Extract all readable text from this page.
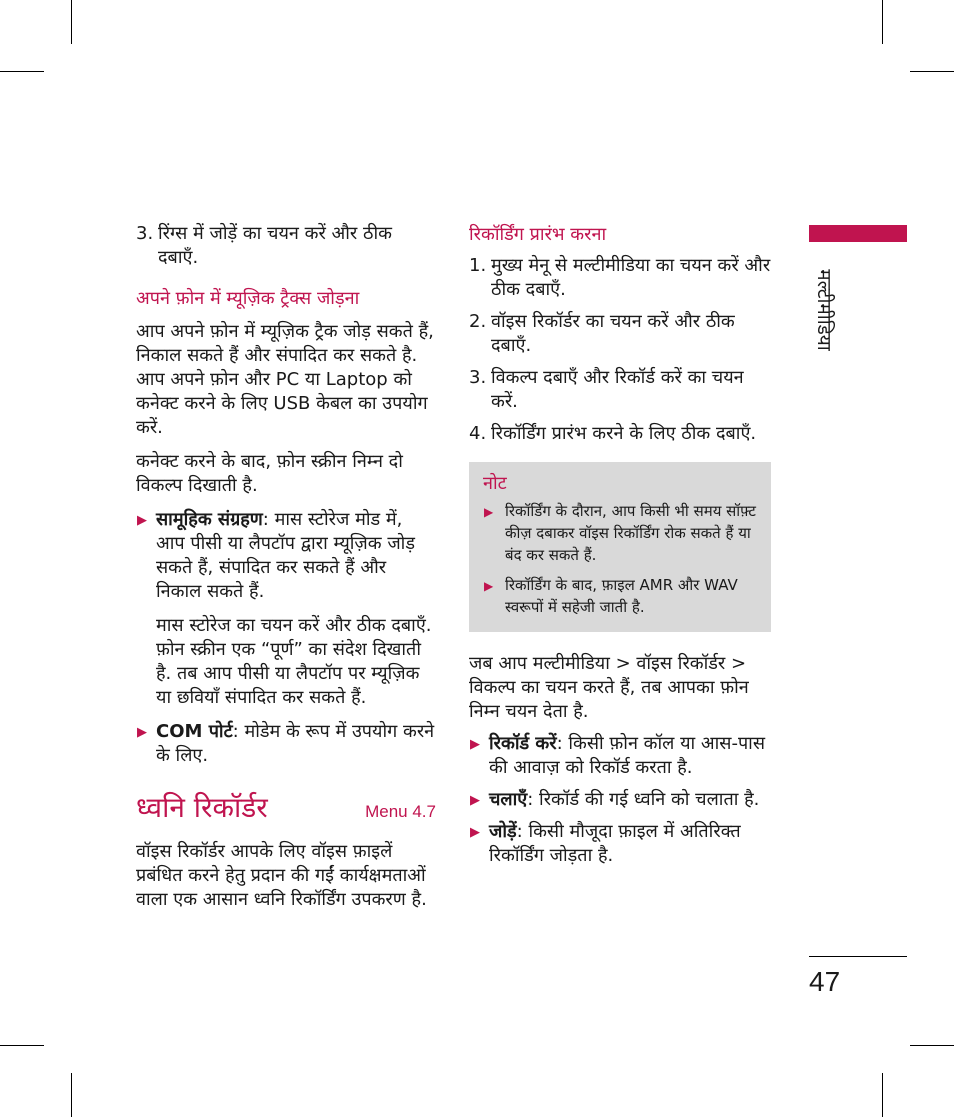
3. रिंग्स में जोड़ें का चयन करें और ठीक दबाएँ.

अपने फ़ोन में म्यूज़िक ट्रैक्स जोड़ना

आप अपने फ़ोन में म्यूज़िक ट्रैक जोड़ सकते हैं, निकाल सकते हैं और संपादित कर सकते है. आप अपने फ़ोन और PC या Laptop को कनेक्ट करने के लिए USB केबल का उपयोग करें.

कनेक्ट करने के बाद, फ़ोन स्क्रीन निम्न दो विकल्प दिखाती है.

▶ सामूहिक संग्रहण: मास स्टोरेज मोड में, आप पीसी या लैपटॉप द्वारा म्यूज़िक जोड़ सकते हैं, संपादित कर सकते हैं और निकाल सकते हैं.

मास स्टोरेज का चयन करें और ठीक दबाएँ. फ़ोन स्क्रीन एक “पूर्ण” का संदेश दिखाती है. तब आप पीसी या लैपटॉप पर म्यूज़िक या छवियाँ संपादित कर सकते हैं.

▶ COM पोर्ट: मोडेम के रूप में उपयोग करने के लिए.

ध्वनि रिकॉर्डर	Menu 4.7

वॉइस रिकॉर्डर आपके लिए वॉइस फ़ाइलें प्रबंधित करने हेतु प्रदान की गईं कार्यक्षमताओं वाला एक आसान ध्वनि रिकॉर्डिंग उपकरण है.

रिकॉर्डिंग प्रारंभ करना

1. मुख्य मेनू से मल्टीमीडिया का चयन करें और ठीक दबाएँ.

2. वॉइस रिकॉर्डर का चयन करें और ठीक दबाएँ.

3. विकल्प दबाएँ और रिकॉर्ड करें का चयन करें.

4. रिकॉर्डिंग प्रारंभ करने के लिए ठीक दबाएँ.

नोट
▶ रिकॉर्डिंग के दौरान, आप किसी भी समय सॉफ़्ट कीज़ दबाकर वॉइस रिकॉर्डिंग रोक सकते हैं या बंद कर सकते हैं.

▶ रिकॉर्डिंग के बाद, फ़ाइल AMR और WAV स्वरूपों में सहेजी जाती है.

जब आप मल्टीमीडिया > वॉइस रिकॉर्डर > विकल्प का चयन करते हैं, तब आपका फ़ोन निम्न चयन देता है.

▶ रिकॉर्ड करें: किसी फ़ोन कॉल या आस-पास की आवाज़ को रिकॉर्ड करता है.

▶ चलाएँ: रिकॉर्ड की गई ध्वनि को चलाता है.

▶ जोड़ें: किसी मौजूदा फ़ाइल में अतिरिक्त रिकॉर्डिंग जोड़ता है.

मल्टीमीडिया
47
